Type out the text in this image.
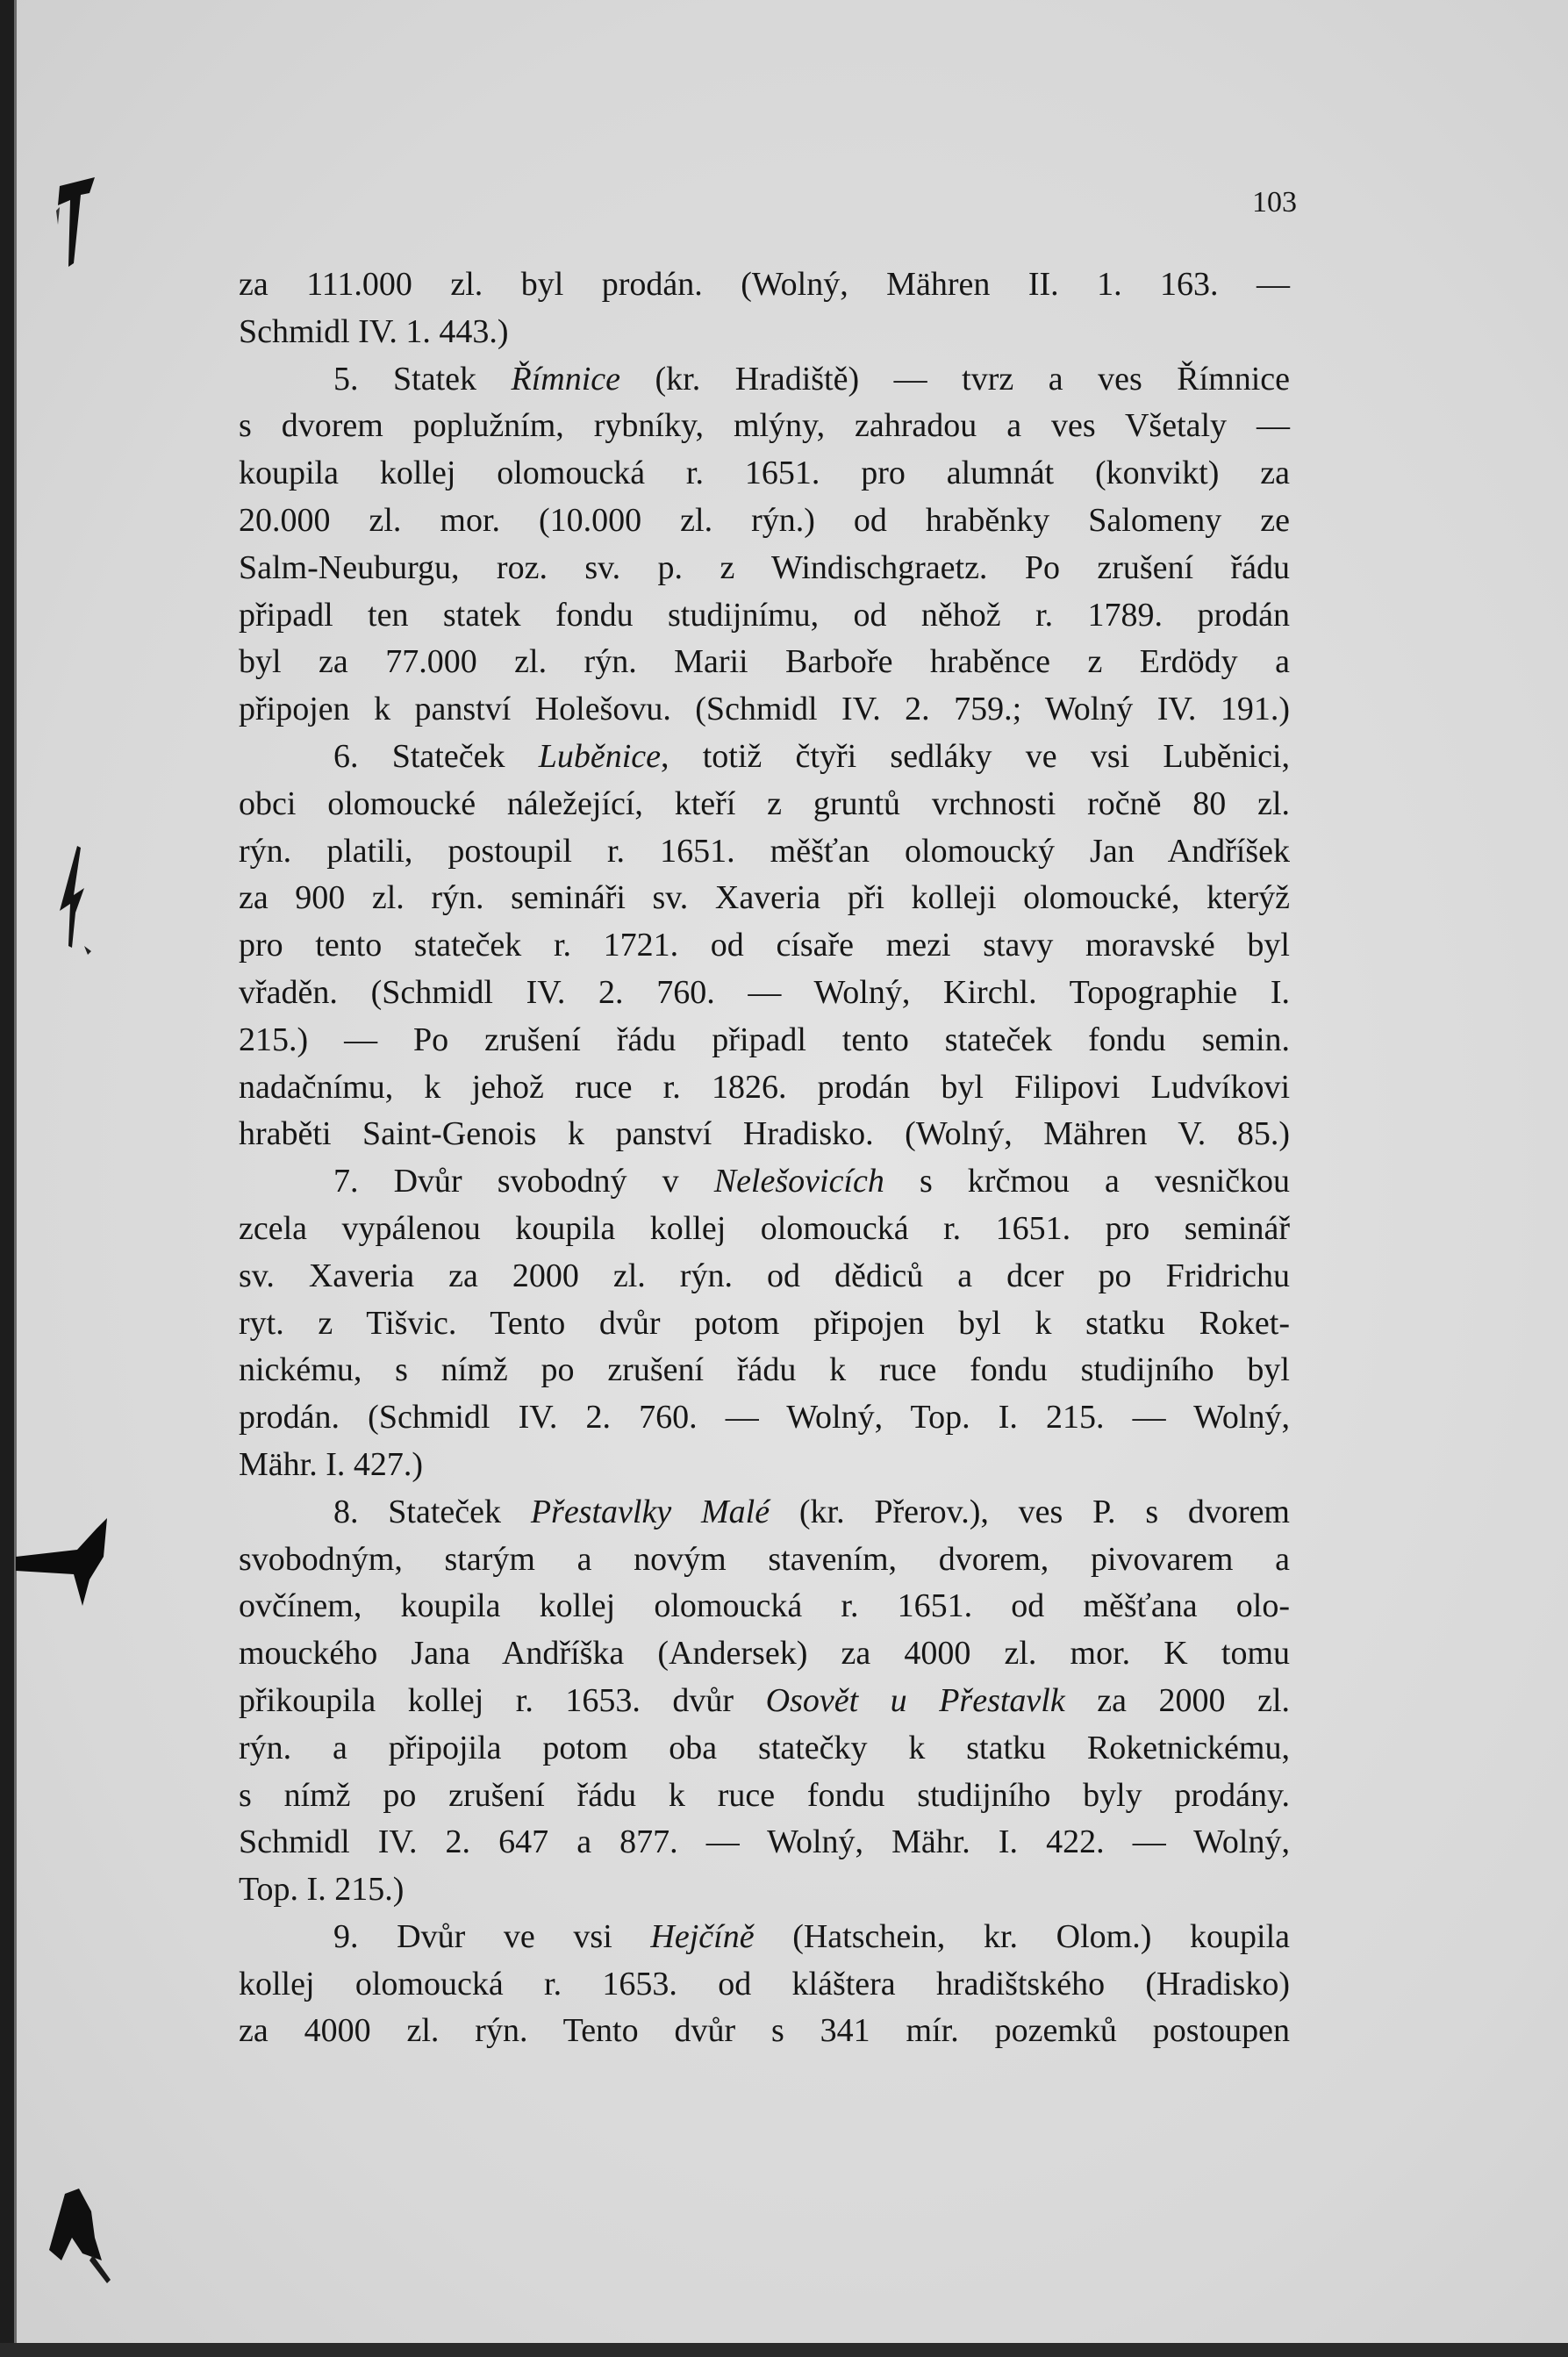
103
za 111.000 zl. byl prodán. (Wolný, Mähren II. 1. 163. —
Schmidl IV. 1. 443.)
5. Statek Římnice (kr. Hradiště) — tvrz a ves Římnice
s dvorem poplužním, rybníky, mlýny, zahradou a ves Všetaly —
koupila kollej olomoucká r. 1651. pro alumnát (konvikt) za
20.000 zl. mor. (10.000 zl. rýn.) od hraběnky Salomeny ze
Salm-Neuburgu, roz. sv. p. z Windischgraetz. Po zrušení řádu
připadl ten statek fondu studijnímu, od něhož r. 1789. prodán
byl za 77.000 zl. rýn. Marii Barboře hraběnce z Erdödy a
připojen k panství Holešovu. (Schmidl IV. 2. 759.; Wolný IV. 191.)
6. Stateček Luběnice, totiž čtyři sedláky ve vsi Luběnici,
obci olomoucké náležející, kteří z gruntů vrchnosti ročně 80 zl.
rýn. platili, postoupil r. 1651. měšťan olomoucký Jan Andříšek
za 900 zl. rýn. semináři sv. Xaveria při kolleji olomoucké, kterýž
pro tento stateček r. 1721. od císaře mezi stavy moravské byl
vřaděn. (Schmidl IV. 2. 760. — Wolný, Kirchl. Topographie I.
215.) — Po zrušení řádu připadl tento stateček fondu semin.
nadačnímu, k jehož ruce r. 1826. prodán byl Filipovi Ludvíkovi
hraběti Saint-Genois k panství Hradisko. (Wolný, Mähren V. 85.)
7. Dvůr svobodný v Nelešovicích s krčmou a vesničkou
zcela vypálenou koupila kollej olomoucká r. 1651. pro seminář
sv. Xaveria za 2000 zl. rýn. od dědiců a dcer po Fridrichu
ryt. z Tišvic. Tento dvůr potom připojen byl k statku Roket-
nickému, s nímž po zrušení řádu k ruce fondu studijního byl
prodán. (Schmidl IV. 2. 760. — Wolný, Top. I. 215. — Wolný,
Mähr. I. 427.)
8. Stateček Přestavlky Malé (kr. Přerov.), ves P. s dvorem
svobodným, starým a novým stavením, dvorem, pivovarem a
ovčínem, koupila kollej olomoucká r. 1651. od měšťana olo-
mouckého Jana Andříška (Andersek) za 4000 zl. mor. K tomu
přikoupila kollej r. 1653. dvůr Osovět u Přestavlk za 2000 zl.
rýn. a připojila potom oba statečky k statku Roketnickému,
s nímž po zrušení řádu k ruce fondu studijního byly prodány.
Schmidl IV. 2. 647 a 877. — Wolný, Mähr. I. 422. — Wolný,
Top. I. 215.)
9. Dvůr ve vsi Hejčíně (Hatschein, kr. Olom.) koupila
kollej olomoucká r. 1653. od kláštera hradištského (Hradisko)
za 4000 zl. rýn. Tento dvůr s 341 mír. pozemků postoupen
